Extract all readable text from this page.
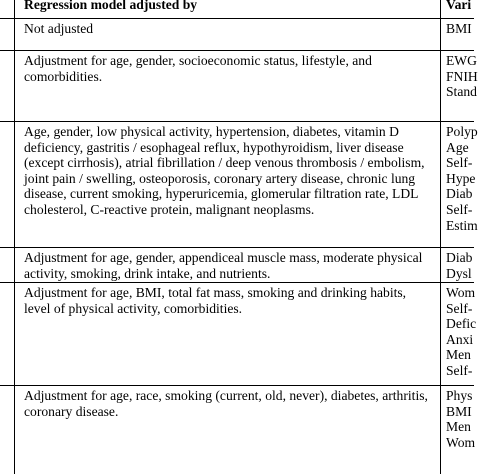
Regression model adjusted by	Vari
Not adjusted	BMI
Adjustment for age, gender, socioeconomic status, lifestyle, and comorbidities.
EWG
FNIH
Stand
Age, gender, low physical activity, hypertension, diabetes, vitamin D deficiency, gastritis / esophageal reflux, hypothyroidism, liver disease (except cirrhosis), atrial fibrillation / deep venous thrombosis / embolism, joint pain / swelling, osteoporosis, coronary artery disease, chronic lung disease, current smoking, hyperuricemia, glomerular filtration rate, LDL cholesterol, C-reactive protein, malignant neoplasms.
Polyp
Age
Self-
Hype
Diab
Self-
Estim
Adjustment for age, gender, appendiceal muscle mass, moderate physical activity, smoking, drink intake, and nutrients.
Diab
Dysl
Adjustment for age, BMI, total fat mass, smoking and drinking habits, level of physical activity, comorbidities.
Wom
Self-
Defic
Anxi
Men
Self-
Adjustment for age, race, smoking (current, old, never), diabetes, arthritis, coronary disease.
Phys
BMI
Men
Wom
